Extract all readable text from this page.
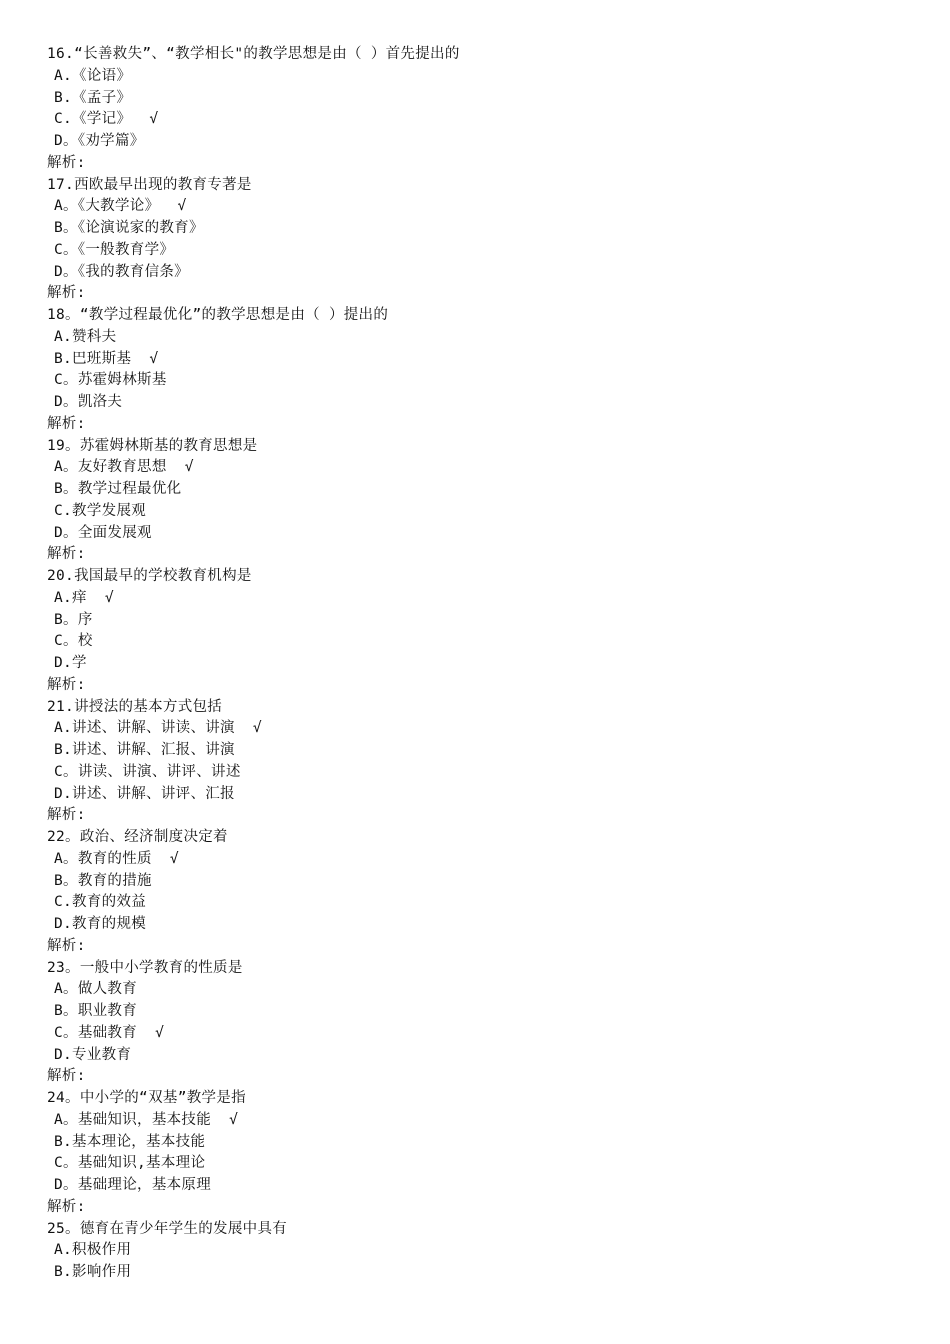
16.“长善救失”、“教学相长"的教学思想是由（ ）首先提出的
A.《论语》
B.《孟子》
C.《学记》  √
D。《劝学篇》
解析:
17.西欧最早出现的教育专著是
A。《大教学论》  √
B。《论演说家的教育》
C。《一般教育学》
D。《我的教育信条》
解析:
18。“教学过程最优化”的教学思想是由（ ）提出的
A.赞科夫
B.巴班斯基  √
C。苏霍姆林斯基
D。凯洛夫
解析:
19。苏霍姆林斯基的教育思想是
A。友好教育思想  √
B。教学过程最优化
C.教学发展观
D。全面发展观
解析:
20.我国最早的学校教育机构是
A.痒  √
B。序
C。校
D.学
解析:
21.讲授法的基本方式包括
A.讲述、讲解、讲读、讲演  √
B.讲述、讲解、汇报、讲演
C。讲读、讲演、讲评、讲述
D.讲述、讲解、讲评、汇报
解析:
22。政治、经济制度决定着
A。教育的性质  √
B。教育的措施
C.教育的效益
D.教育的规模
解析:
23。一般中小学教育的性质是
A。做人教育
B。职业教育
C。基础教育  √
D.专业教育
解析:
24。中小学的“双基”教学是指
A。基础知识，基本技能  √
B.基本理论，基本技能
C。基础知识,基本理论
D。基础理论，基本原理
解析:
25。德育在青少年学生的发展中具有
A.积极作用
B.影响作用
